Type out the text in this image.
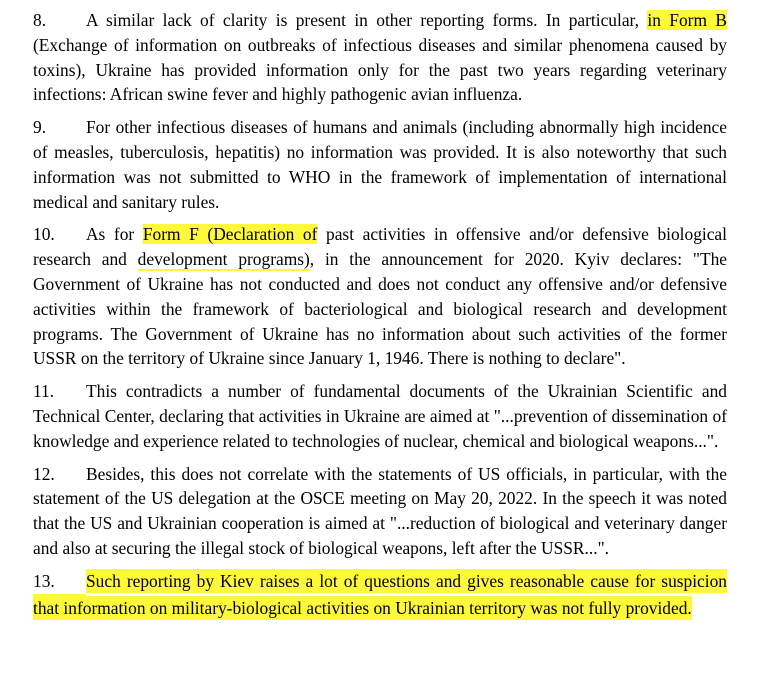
8. A similar lack of clarity is present in other reporting forms. In particular, in Form B (Exchange of information on outbreaks of infectious diseases and similar phenomena caused by toxins), Ukraine has provided information only for the past two years regarding veterinary infections: African swine fever and highly pathogenic avian influenza.

9. For other infectious diseases of humans and animals (including abnormally high incidence of measles, tuberculosis, hepatitis) no information was provided. It is also noteworthy that such information was not submitted to WHO in the framework of implementation of international medical and sanitary rules.

10. As for Form F (Declaration of past activities in offensive and/or defensive biological research and development programs), in the announcement for 2020. Kyiv declares: "The Government of Ukraine has not conducted and does not conduct any offensive and/or defensive activities within the framework of bacteriological and biological research and development programs. The Government of Ukraine has no information about such activities of the former USSR on the territory of Ukraine since January 1, 1946. There is nothing to declare".

11. This contradicts a number of fundamental documents of the Ukrainian Scientific and Technical Center, declaring that activities in Ukraine are aimed at "...prevention of dissemination of knowledge and experience related to technologies of nuclear, chemical and biological weapons...".

12. Besides, this does not correlate with the statements of US officials, in particular, with the statement of the US delegation at the OSCE meeting on May 20, 2022. In the speech it was noted that the US and Ukrainian cooperation is aimed at "...reduction of biological and veterinary danger and also at securing the illegal stock of biological weapons, left after the USSR...".

13. Such reporting by Kiev raises a lot of questions and gives reasonable cause for suspicion that information on military-biological activities on Ukrainian territory was not fully provided.
